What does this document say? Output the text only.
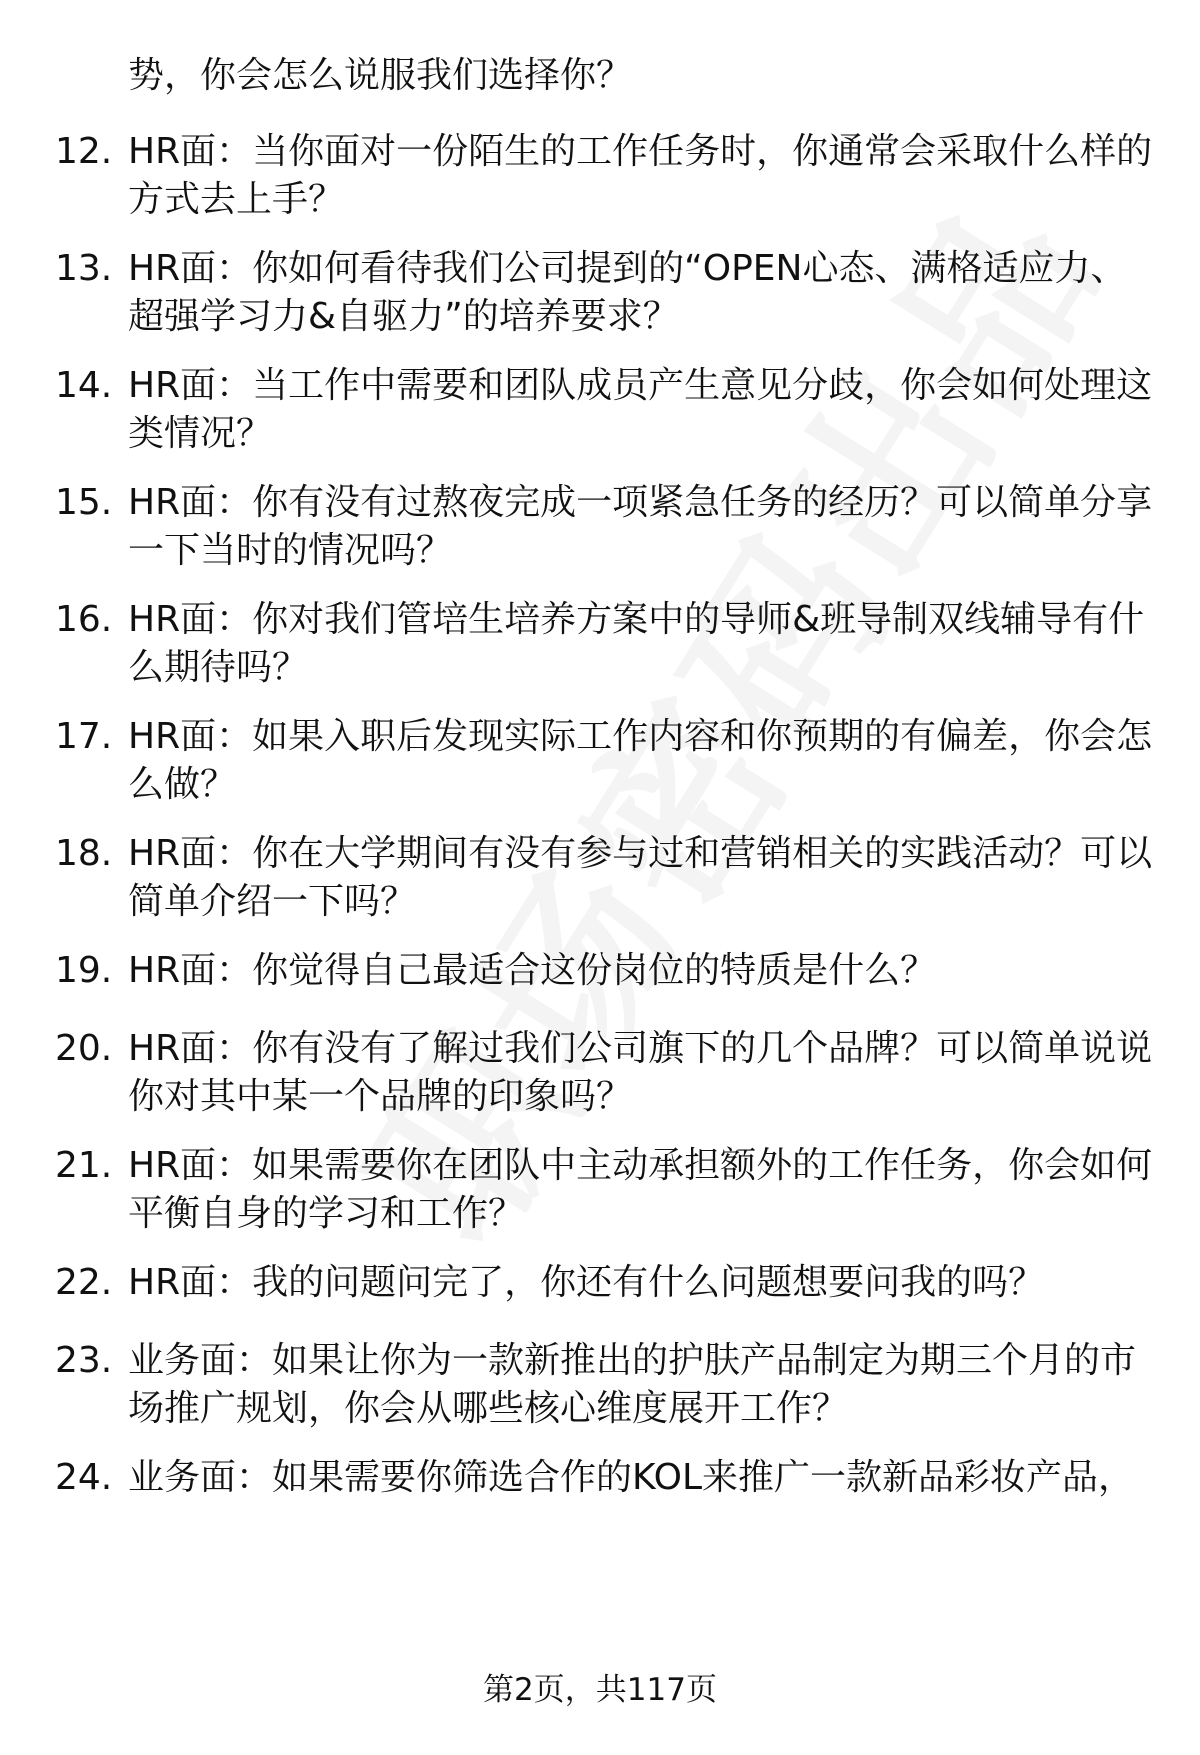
势，你会怎么说服我们选择你？
12. HR面：当你面对一份陌生的工作任务时，你通常会采取什么样的
方式去上手？
13. HR面：你如何看待我们公司提到的“OPEN心态、满格适应力、
超强学习力&自驱力”的培养要求？
14. HR面：当工作中需要和团队成员产生意见分歧，你会如何处理这
类情况？
15. HR面：你有没有过熬夜完成一项紧急任务的经历？可以简单分享
一下当时的情况吗？
16. HR面：你对我们管培生培养方案中的导师&班导制双线辅导有什
么期待吗？
17. HR面：如果入职后发现实际工作内容和你预期的有偏差，你会怎
么做？
18. HR面：你在大学期间有没有参与过和营销相关的实践活动？可以
简单介绍一下吗？
19. HR面：你觉得自己最适合这份岗位的特质是什么？
20. HR面：你有没有了解过我们公司旗下的几个品牌？可以简单说说
你对其中某一个品牌的印象吗？
21. HR面：如果需要你在团队中主动承担额外的工作任务，你会如何
平衡自身的学习和工作？
22. HR面：我的问题问完了，你还有什么问题想要问我的吗？
23. 业务面：如果让你为一款新推出的护肤产品制定为期三个月的市
场推广规划，你会从哪些核心维度展开工作？
24. 业务面：如果需要你筛选合作的KOL来推广一款新品彩妆产品，
第2页，共117页
